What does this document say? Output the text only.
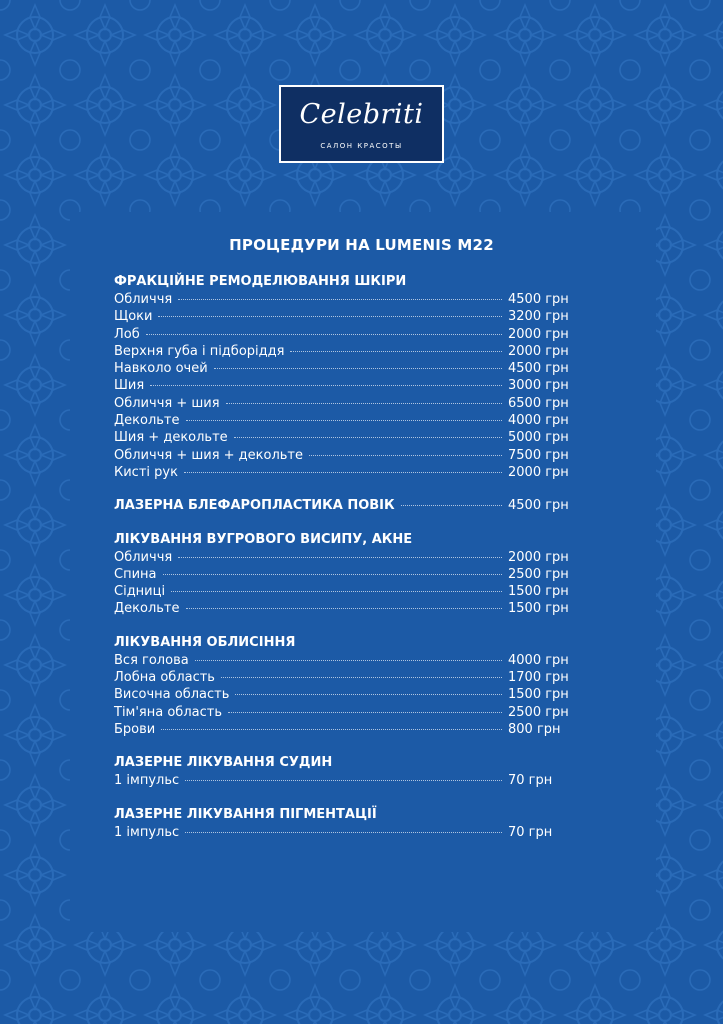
Celebriti
САЛОН КРАСОТЫ
ПРОЦЕДУРИ НА LUMENIS M22
ФРАКЦІЙНЕ РЕМОДЕЛЮВАННЯ ШКІРИ
Обличчя	4500 грн
Щоки	3200 грн
Лоб	2000 грн
Верхня губа і підборіддя	2000 грн
Навколо очей	4500 грн
Шия	3000 грн
Обличчя + шия	6500 грн
Декольте	4000 грн
Шия + декольте	5000 грн
Обличчя + шия + декольте	7500 грн
Кисті рук	2000 грн
ЛАЗЕРНА БЛЕФАРОПЛАСТИКА ПОВІК	4500 грн
ЛІКУВАННЯ ВУГРОВОГО ВИСИПУ, АКНЕ
Обличчя	2000 грн
Спина	2500 грн
Сідниці	1500 грн
Декольте	1500 грн
ЛІКУВАННЯ ОБЛИСІННЯ
Вся голова	4000 грн
Лобна область	1700 грн
Височна область	1500 грн
Тім'яна область	2500 грн
Брови	800 грн
ЛАЗЕРНЕ ЛІКУВАННЯ СУДИН
1 імпульс	70 грн
ЛАЗЕРНЕ ЛІКУВАННЯ ПІГМЕНТАЦІЇ
1 імпульс	70 грн
